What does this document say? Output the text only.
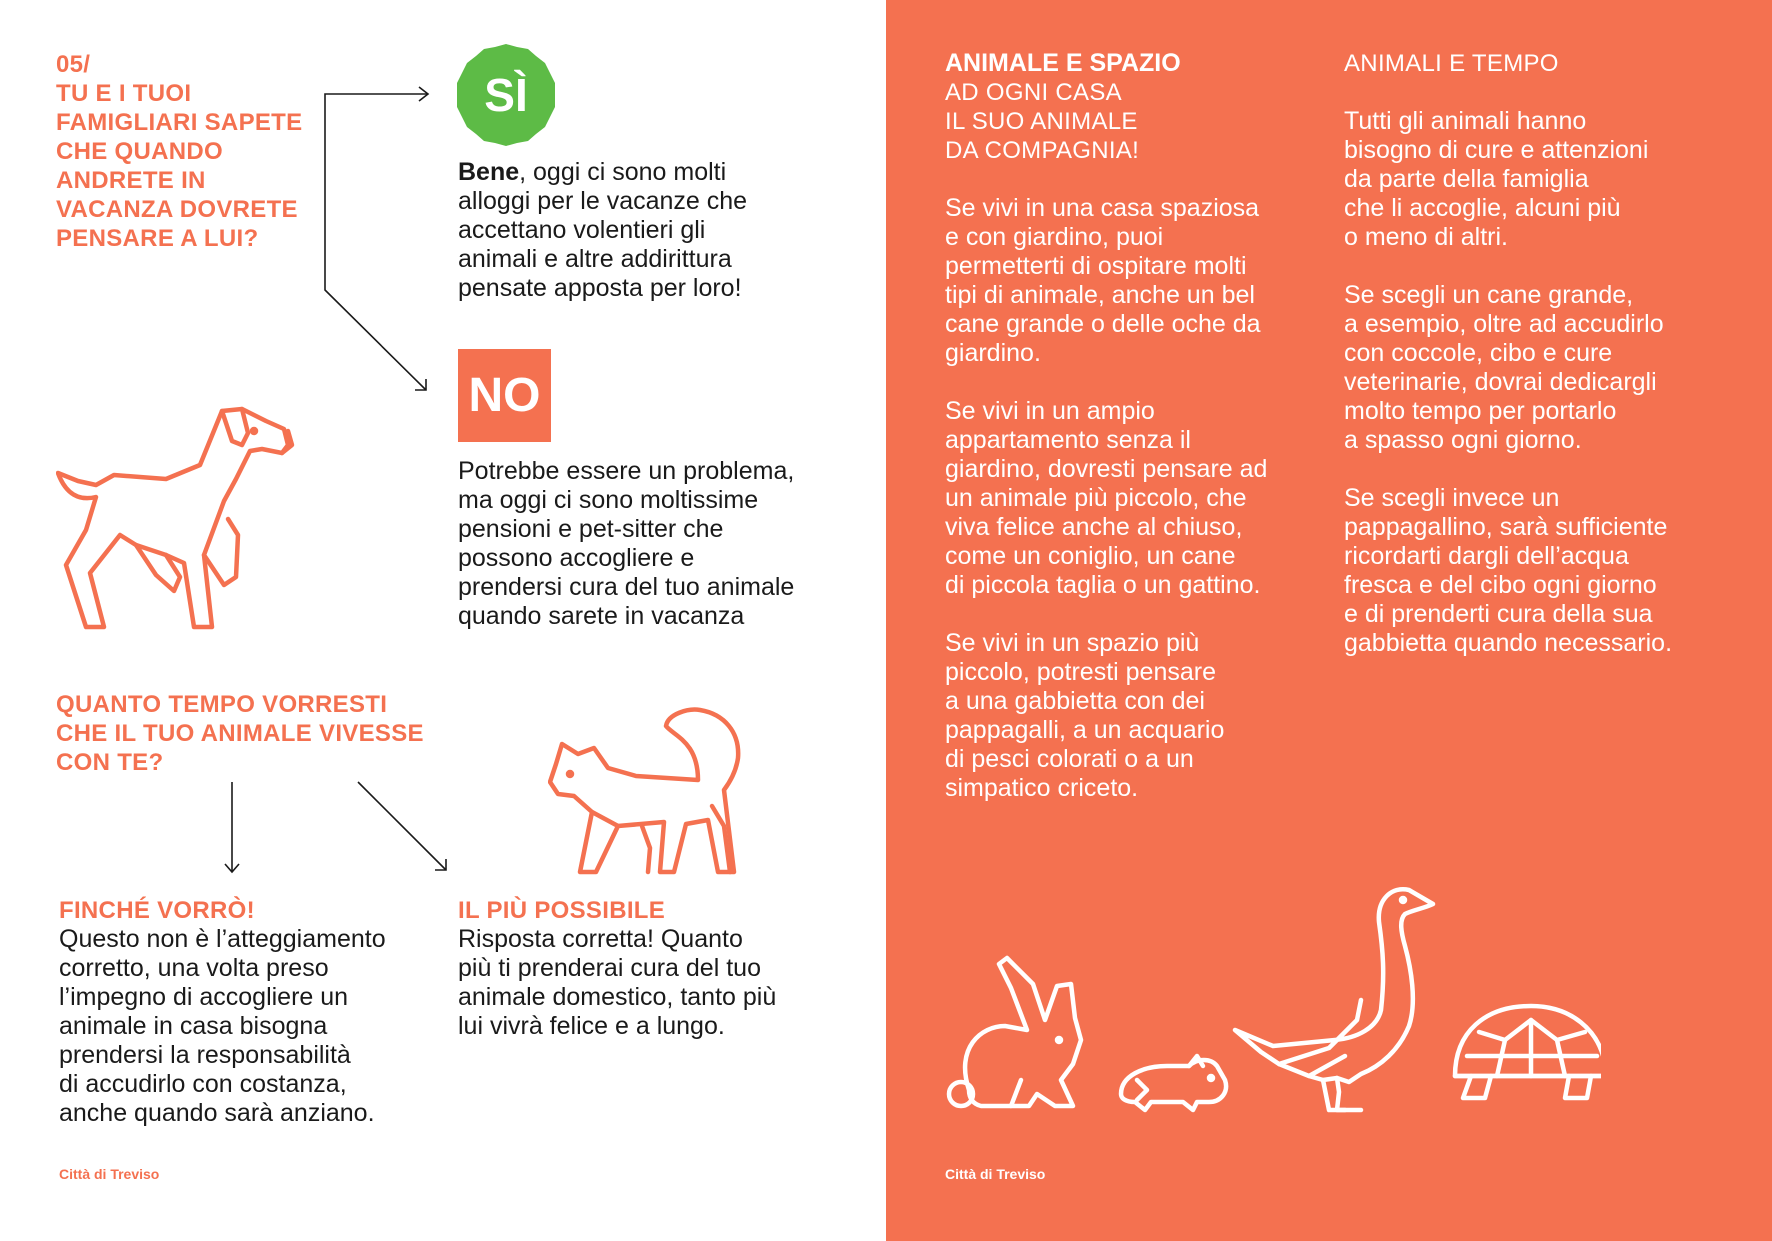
05/
TU E I TUOI
FAMIGLIARI SAPETE
CHE QUANDO
ANDRETE IN
VACANZA DOVRETE
PENSARE A LUI?
SÌ
Bene, oggi ci sono molti
alloggi per le vacanze che
accettano volentieri gli
animali e altre addirittura
pensate apposta per loro!
NO
Potrebbe essere un problema,
ma oggi ci sono moltissime
pensioni e pet-sitter che
possono accogliere e
prendersi cura del tuo animale
quando sarete in vacanza
QUANTO TEMPO VORRESTI
CHE IL TUO ANIMALE VIVESSE
CON TE?
FINCHÉ VORRÒ!
Questo non è l’atteggiamento
corretto, una volta preso
l’impegno di accogliere un
animale in casa bisogna
prendersi la responsabilità
di accudirlo con costanza,
anche quando sarà anziano.
IL PIÙ POSSIBILE
Risposta corretta! Quanto
più ti prenderai cura del tuo
animale domestico, tanto più
lui vivrà felice e a lungo.
Città di Treviso
ANIMALE E SPAZIO
AD OGNI CASA
IL SUO ANIMALE
DA COMPAGNIA!

Se vivi in una casa spaziosa
e con giardino, puoi
permetterti di ospitare molti
tipi di animale, anche un bel
cane grande o delle oche da
giardino.

Se vivi in un ampio
appartamento senza il
giardino, dovresti pensare ad
un animale più piccolo, che
viva felice anche al chiuso,
come un coniglio, un cane
di piccola taglia o un gattino.

Se vivi in un spazio più
piccolo, potresti pensare
a una gabbietta con dei
pappagalli, a un acquario
di pesci colorati o a un
simpatico criceto.
ANIMALI E TEMPO

Tutti gli animali hanno
bisogno di cure e attenzioni
da parte della famiglia
che li accoglie, alcuni più
o meno di altri.

Se scegli un cane grande,
a esempio, oltre ad accudirlo
con coccole, cibo e cure
veterinarie, dovrai dedicargli
molto tempo per portarlo
a spasso ogni giorno.

Se scegli invece un
pappagallino, sarà sufficiente
ricordarti dargli dell’acqua
fresca e del cibo ogni giorno
e di prenderti cura della sua
gabbietta quando necessario.
Città di Treviso
